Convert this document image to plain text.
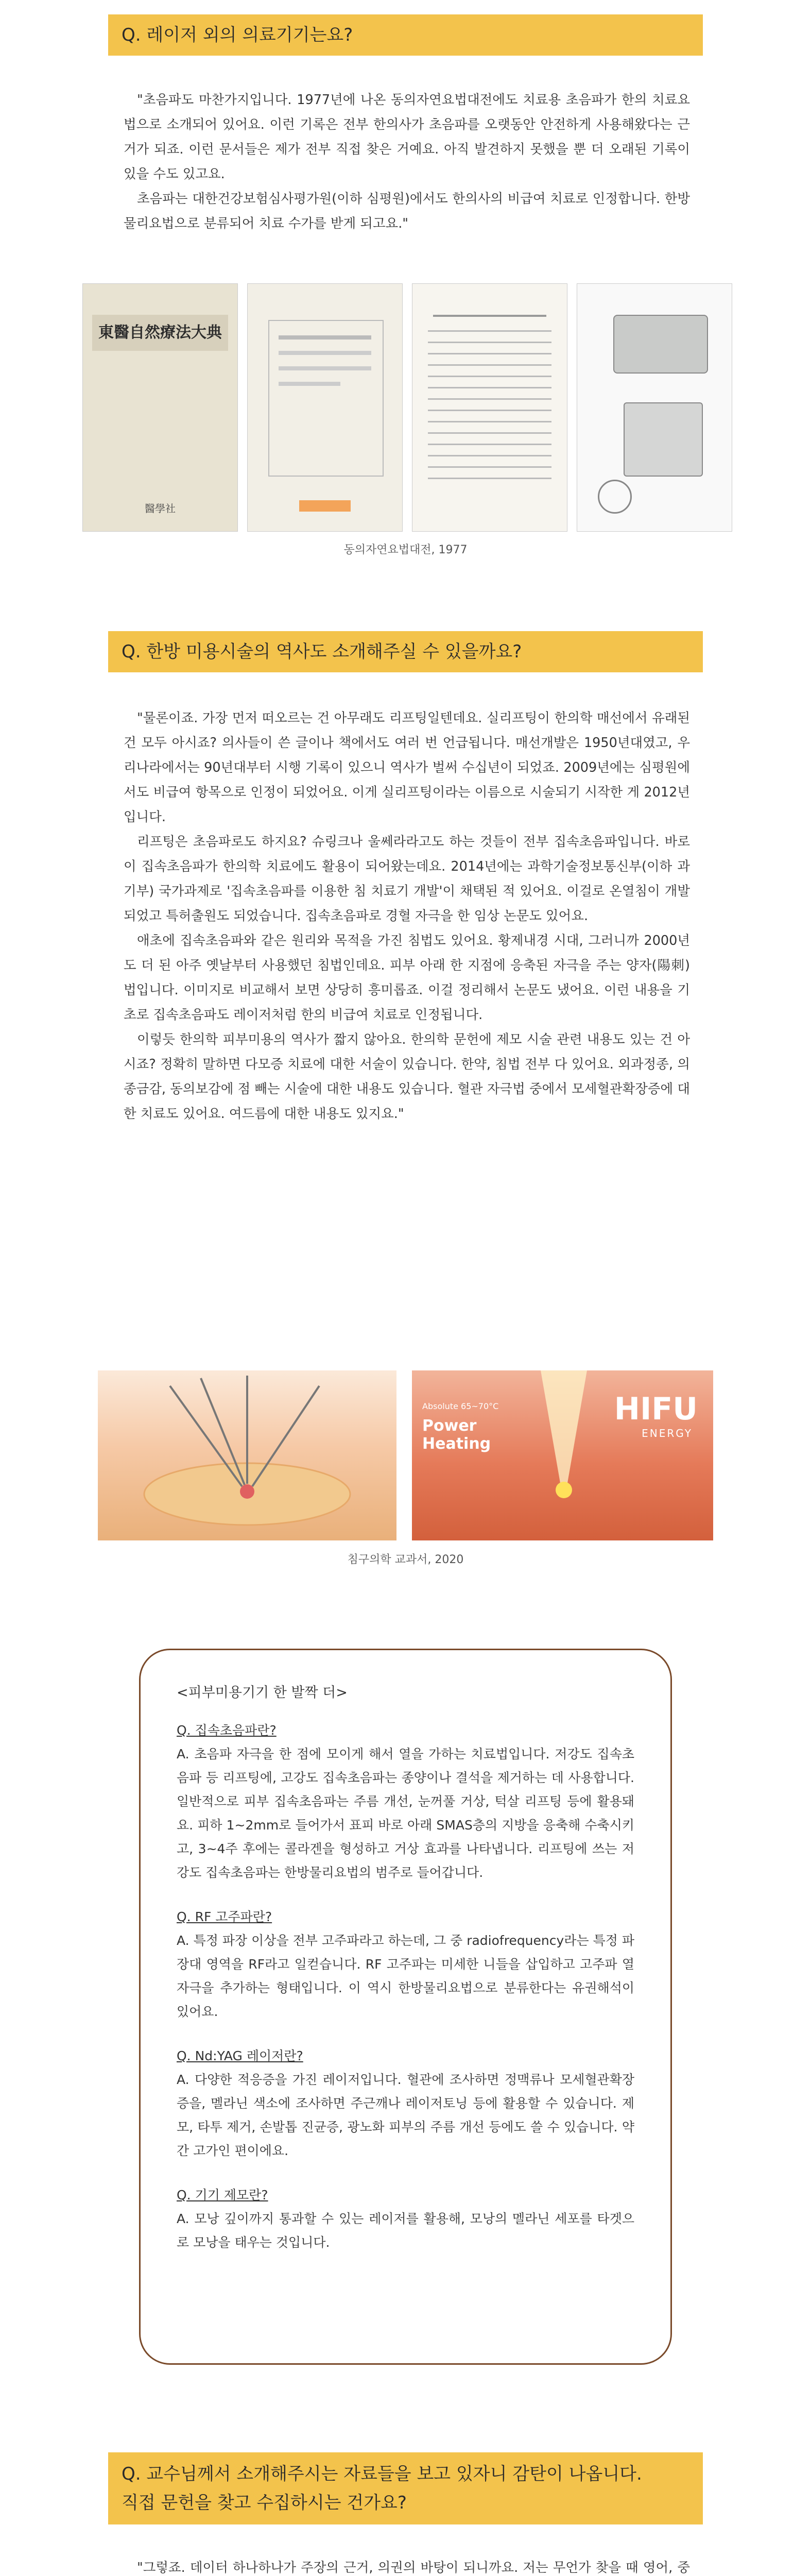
Q. 레이저 외의 의료기기는요?

"초음파도 마찬가지입니다. 1977년에 나온 동의자연요법대전에도 치료용 초음파가 한의 치료요법으로 소개되어 있어요. 이런 기록은 전부 한의사가 초음파를 오랫동안 안전하게 사용해왔다는 근거가 되죠. 이런 문서들은 제가 전부 직접 찾은 거예요. 아직 발견하지 못했을 뿐 더 오래된 기록이 있을 수도 있고요.

초음파는 대한건강보험심사평가원(이하 심평원)에서도 한의사의 비급여 치료로 인정합니다. 한방물리요법으로 분류되어 치료 수가를 받게 되고요."

東醫自然療法大典
醫學社
동의자연요법대전, 1977
Q. 한방 미용시술의 역사도 소개해주실 수 있을까요?

"물론이죠. 가장 먼저 떠오르는 건 아무래도 리프팅일텐데요. 실리프팅이 한의학 매선에서 유래된 건 모두 아시죠? 의사들이 쓴 글이나 책에서도 여러 번 언급됩니다. 매선개발은 1950년대였고, 우리나라에서는 90년대부터 시행 기록이 있으니 역사가 벌써 수십년이 되었죠. 2009년에는 심평원에서도 비급여 항목으로 인정이 되었어요. 이게 실리프팅이라는 이름으로 시술되기 시작한 게 2012년입니다.

리프팅은 초음파로도 하지요? 슈링크나 울쎄라라고도 하는 것들이 전부 집속초음파입니다. 바로 이 집속초음파가 한의학 치료에도 활용이 되어왔는데요. 2014년에는 과학기술정보통신부(이하 과기부) 국가과제로 '집속초음파를 이용한 침 치료기 개발'이 채택된 적 있어요. 이걸로 온열침이 개발되었고 특허출원도 되었습니다. 집속초음파로 경혈 자극을 한 임상 논문도 있어요.

애초에 집속초음파와 같은 원리와 목적을 가진 침법도 있어요. 황제내경 시대, 그러니까 2000년도 더 된 아주 옛날부터 사용했던 침법인데요. 피부 아래 한 지점에 응축된 자극을 주는 양자(陽刺)법입니다. 이미지로 비교해서 보면 상당히 흥미롭죠. 이걸 정리해서 논문도 냈어요. 이런 내용을 기초로 집속초음파도 레이저처럼 한의 비급여 치료로 인정됩니다.

이렇듯 한의학 피부미용의 역사가 짧지 않아요. 한의학 문헌에 제모 시술 관련 내용도 있는 건 아시죠? 정확히 말하면 다모증 치료에 대한 서술이 있습니다. 한약, 침법 전부 다 있어요. 외과정종, 의종금감, 동의보감에 점 빼는 시술에 대한 내용도 있습니다. 혈관 자극법 중에서 모세혈관확장증에 대한 치료도 있어요. 여드름에 대한 내용도 있지요."

Absolute 65~70°C
Power Heating
HIFU
ENERGY
침구의학 교과서, 2020
<피부미용기기 한 발짝 더>
Q. 집속초음파란?
A. 초음파 자극을 한 점에 모이게 해서 열을 가하는 치료법입니다. 저강도 집속초음파 등 리프팅에, 고강도 집속초음파는 종양이나 결석을 제거하는 데 사용합니다. 일반적으로 피부 집속초음파는 주름 개선, 눈꺼풀 거상, 턱살 리프팅 등에 활용돼요. 피하 1~2mm로 들어가서 표피 바로 아래 SMAS층의 지방을 응축해 수축시키고, 3~4주 후에는 콜라겐을 형성하고 거상 효과를 나타냅니다. 리프팅에 쓰는 저강도 집속초음파는 한방물리요법의 범주로 들어갑니다.
Q. RF 고주파란?
A. 특정 파장 이상을 전부 고주파라고 하는데, 그 중 radiofrequency라는 특정 파장대 영역을 RF라고 일컫습니다. RF 고주파는 미세한 니들을 삽입하고 고주파 열자극을 추가하는 형태입니다. 이 역시 한방물리요법으로 분류한다는 유권해석이 있어요.
Q. Nd:YAG 레이저란?
A. 다양한 적응증을 가진 레이저입니다. 혈관에 조사하면 정맥류나 모세혈관확장증을, 멜라닌 색소에 조사하면 주근깨나 레이저토닝 등에 활용할 수 있습니다. 제모, 타투 제거, 손발톱 진균증, 광노화 피부의 주름 개선 등에도 쓸 수 있습니다. 약간 고가인 편이에요.
Q. 기기 제모란?
A. 모낭 깊이까지 통과할 수 있는 레이저를 활용해, 모낭의 멜라닌 세포를 타겟으로 모낭을 태우는 것입니다.
Q. 교수님께서 소개해주시는 자료들을 보고 있자니 감탄이 나옵니다.
직접 문헌을 찾고 수집하시는 건가요?

"그렇죠. 데이터 하나하나가 주장의 근거, 의권의 바탕이 되니까요. 저는 무언가 찾을 때 영어, 중
